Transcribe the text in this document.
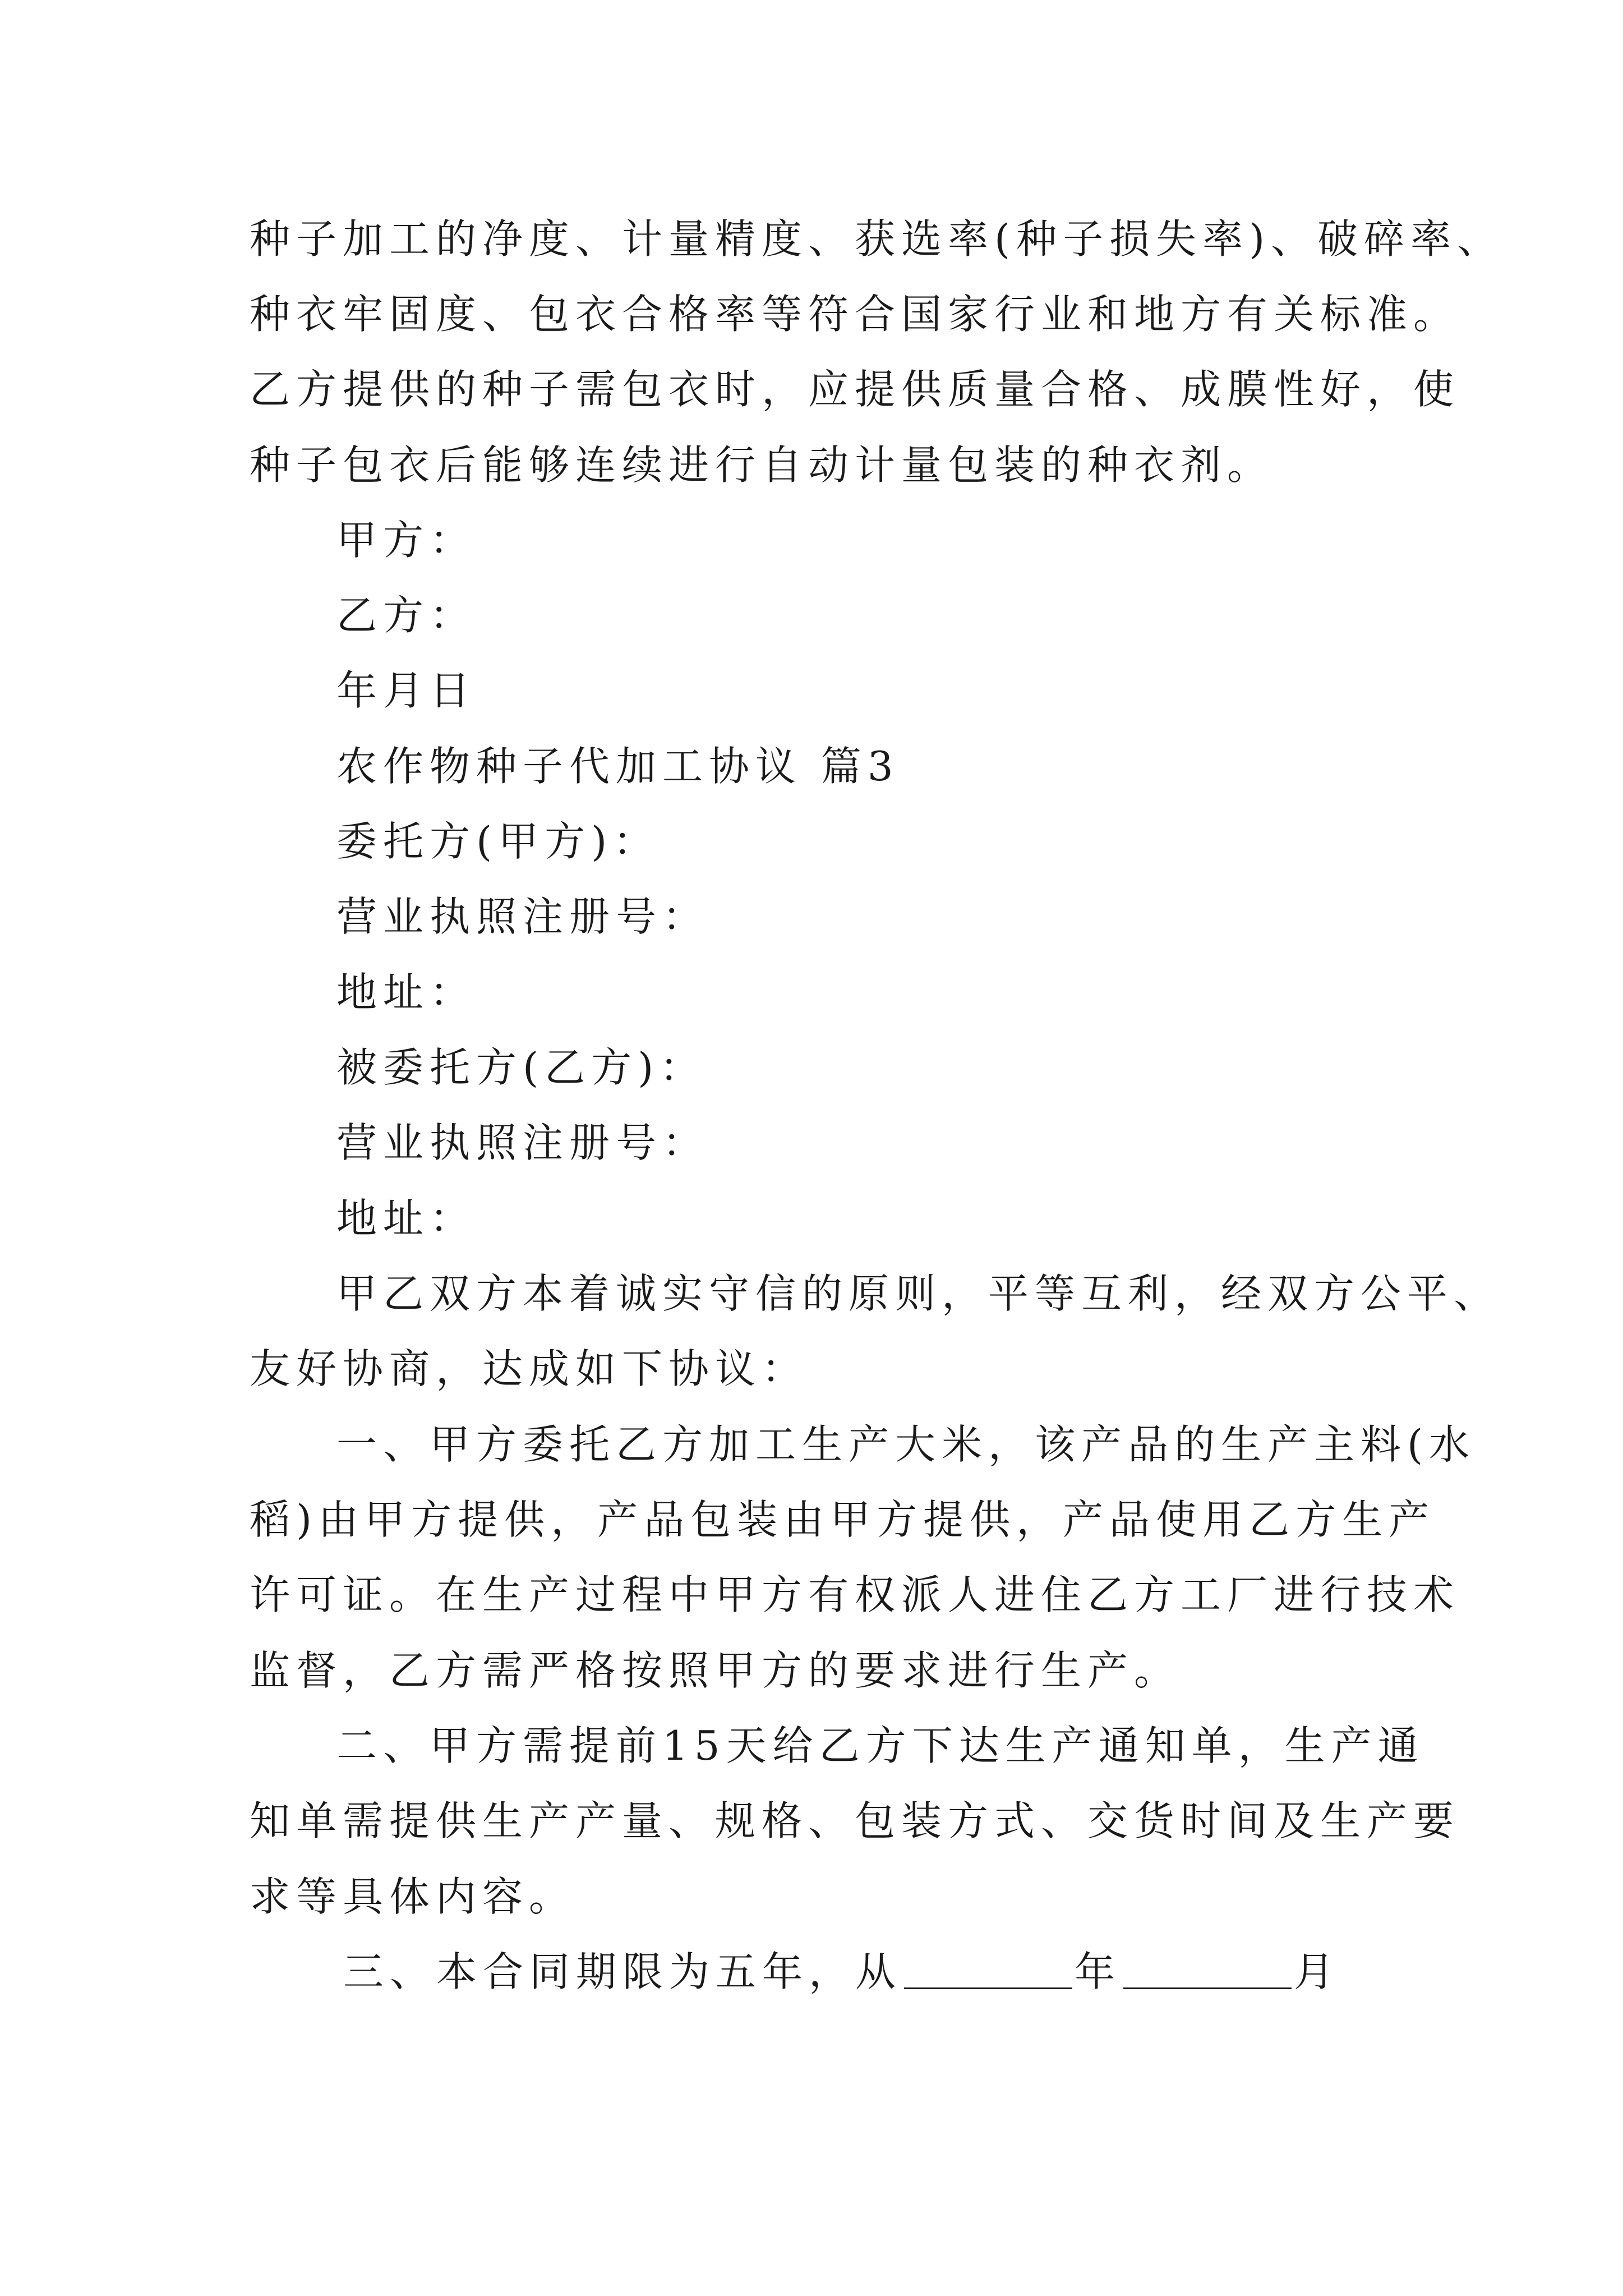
种子加工的净度、计量精度、获选率(种子损失率)、破碎率、
种衣牢固度、包衣合格率等符合国家行业和地方有关标准。
乙方提供的种子需包衣时，应提供质量合格、成膜性好，使
种子包衣后能够连续进行自动计量包装的种衣剂。
甲方：
乙方：
年月日
农作物种子代加工协议 篇3
委托方(甲方)：
营业执照注册号：
地址：
被委托方(乙方)：
营业执照注册号：
地址：
甲乙双方本着诚实守信的原则，平等互利，经双方公平、
友好协商，达成如下协议：
一、甲方委托乙方加工生产大米，该产品的生产主料(水
稻)由甲方提供，产品包装由甲方提供，产品使用乙方生产
许可证。在生产过程中甲方有权派人进住乙方工厂进行技术
监督，乙方需严格按照甲方的要求进行生产。
二、甲方需提前15天给乙方下达生产通知单，生产通
知单需提供生产产量、规格、包装方式、交货时间及生产要
求等具体内容。
三、本合同期限为五年，从	年	月
